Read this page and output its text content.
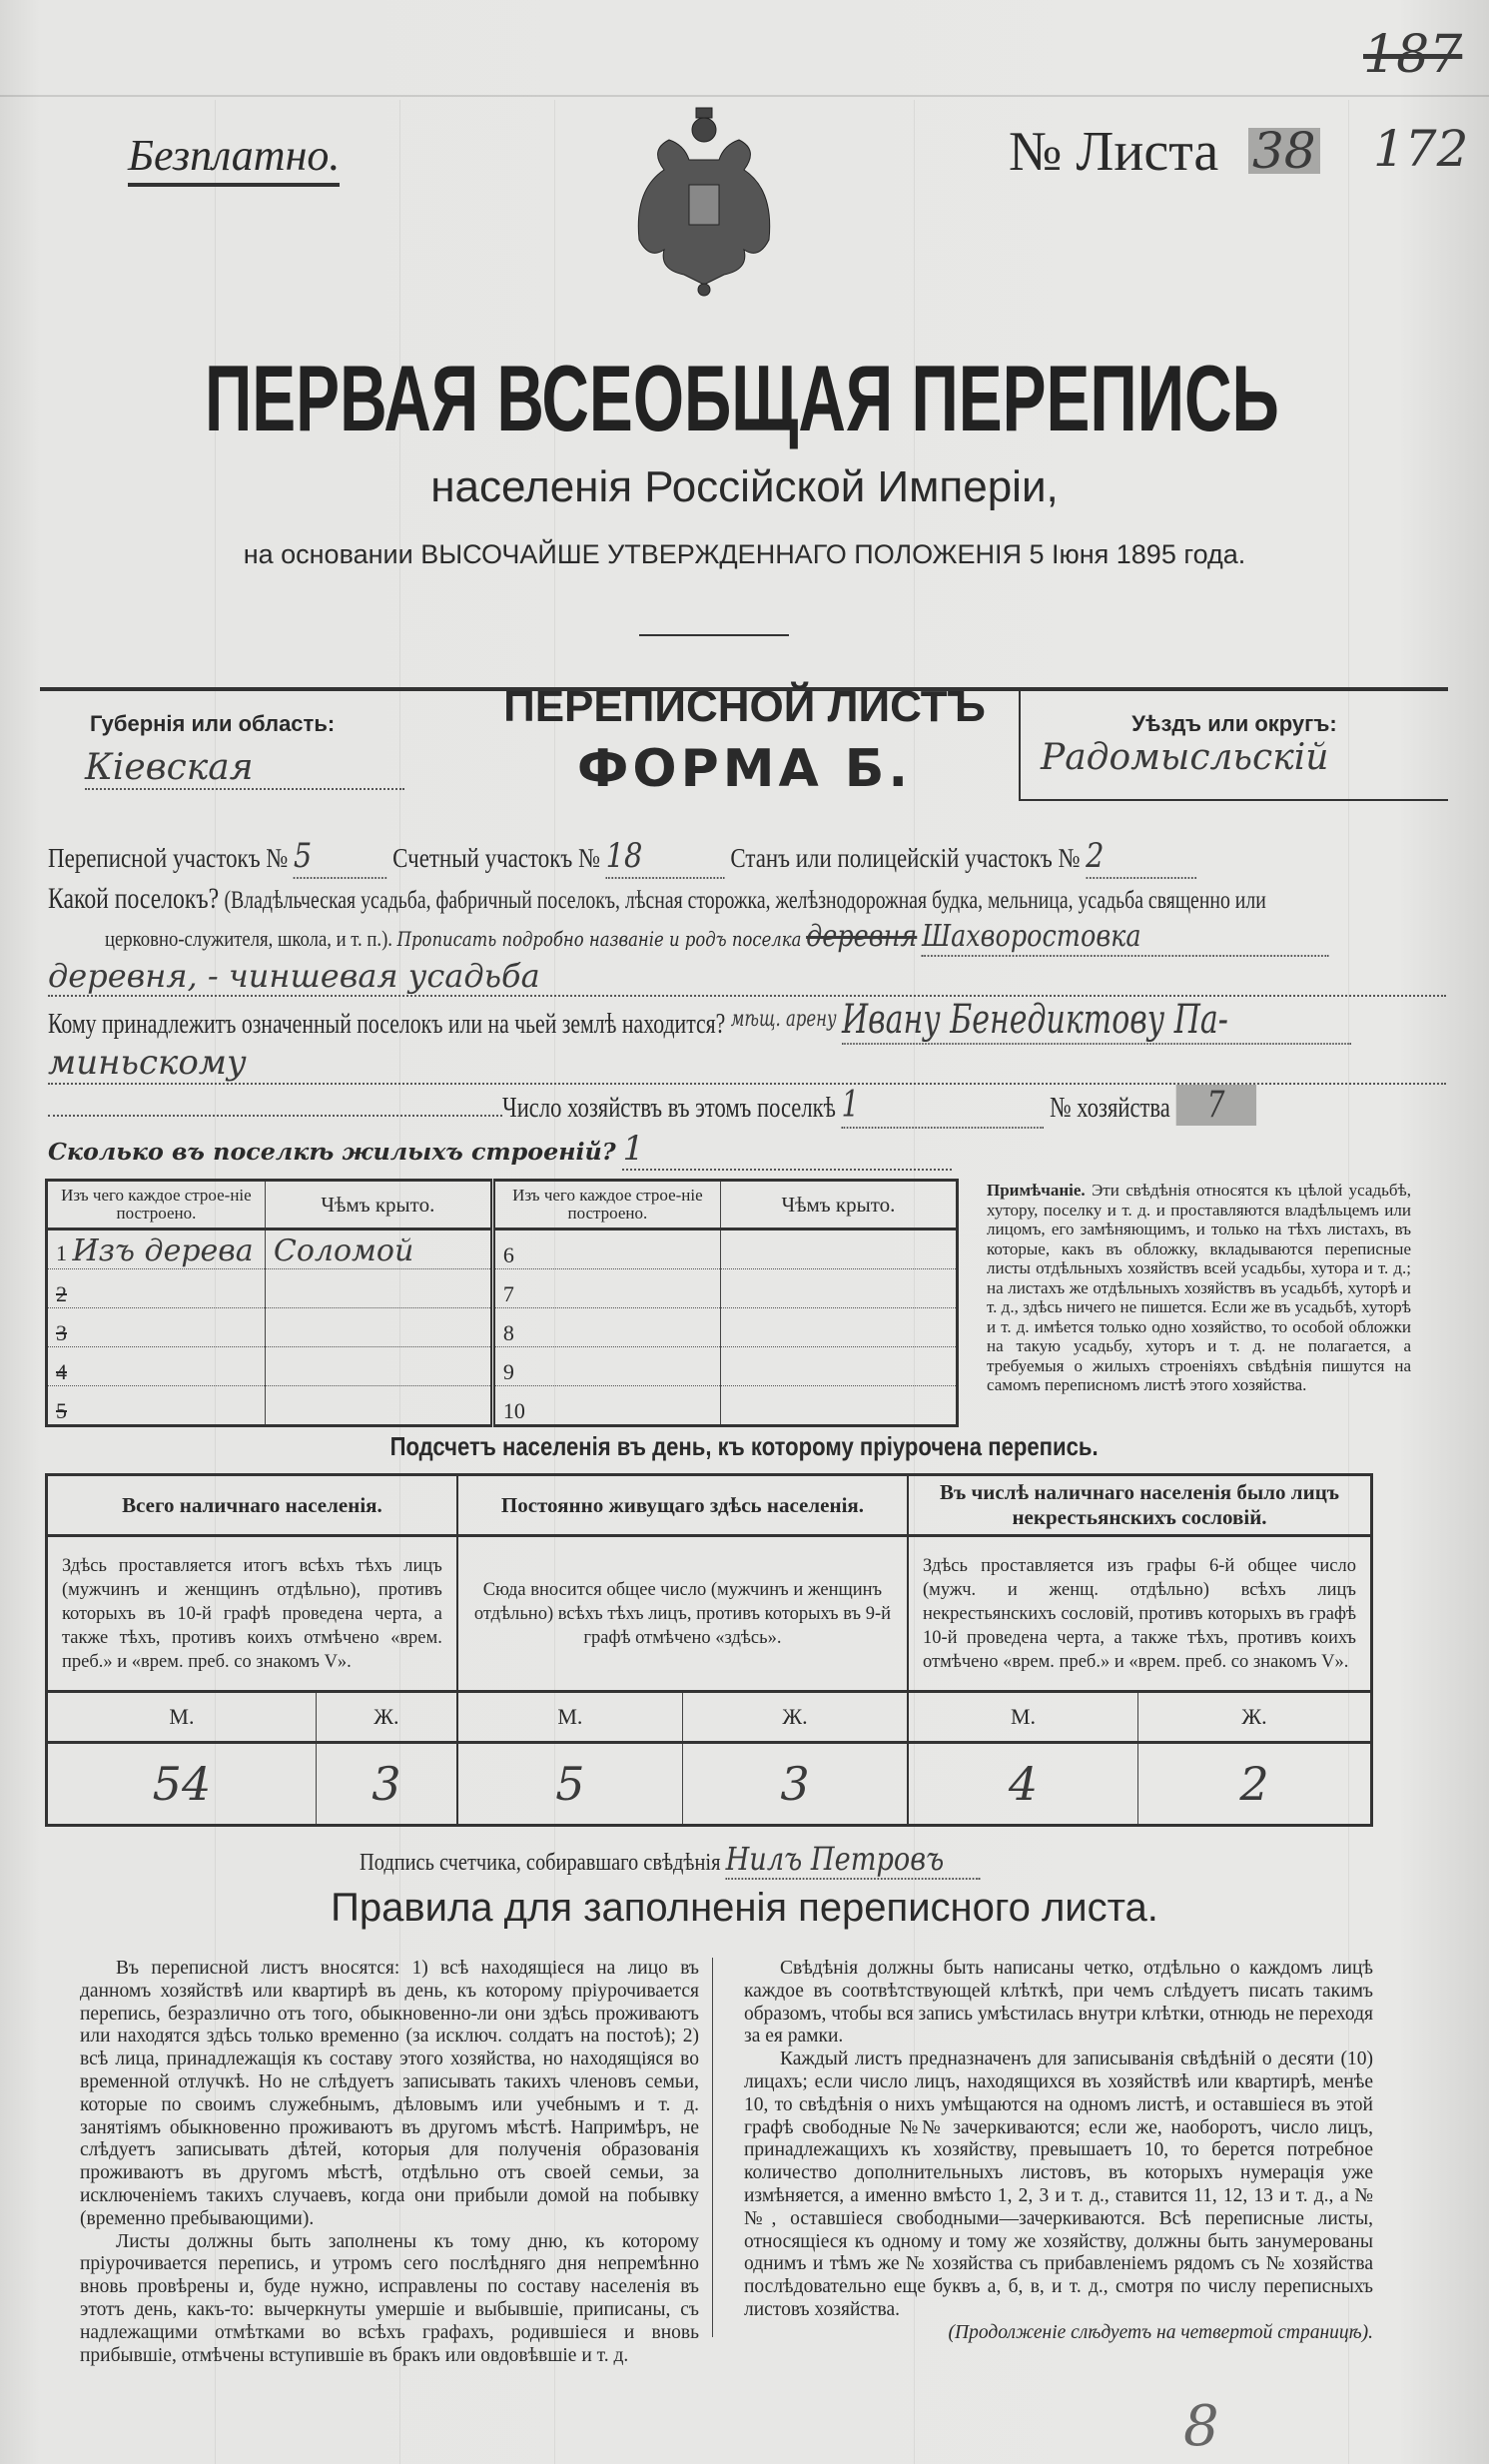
Безплатно.	№ Листа 38
187
172
ПЕРВАЯ ВСЕОБЩАЯ ПЕРЕПИСЬ
населенія Россійской Имперіи,
на основании ВЫСОЧАЙШЕ УТВЕРЖДЕННАГО ПОЛОЖЕНІЯ 5 Іюня 1895 года.
Губернія или область:
Кіевская
ПЕРЕПИСНОЙ ЛИСТЪ
ФОРМА Б.
Уѣздъ или округъ:
Радомысльскій
Переписной участокъ № 5	Счетный участокъ № 18	Станъ или полицейскій участокъ № 2
Какой поселокъ? (Владѣльческая усадьба, фабричный поселокъ, лѣсная сторожка, желѣзнодорожная будка, мельница, усадьба священно или
церковно-служителя, школа, и т. п.). Прописать подробно названіе и родъ поселка деревня Шахворостовка
деревня, - чиншевая усадьба
Кому принадлежитъ означенный поселокъ или на чьей землѣ находится? $^{мѣщ. арену}$ Ивану Бенедиктову Па-
миньскому
Число хозяйствъ въ этомъ поселкѣ 1	№ хозяйства 7
Сколько въ поселкѣ жилыхъ строеній? 1
Изъ чего каждое строе-ніе построено.	Чѣмъ крыто.	Изъ чего каждое строе-ніе построено.	Чѣмъ крыто.
1 Изъ дерева	Соломой	6	
2		7	
3		8	
4		9	
5		10	
Примѣчаніе. Эти свѣдѣнія относятся къ цѣлой усадьбѣ, хутору, поселку и т. д. и проставляются владѣльцемъ или лицомъ, его замѣняющимъ, и только на тѣхъ листахъ, въ которые, какъ въ обложку, вкладываются переписные листы отдѣльныхъ хозяйствъ всей усадьбы, хутора и т. д.; на листахъ же отдѣльныхъ хозяйствъ въ усадьбѣ, хуторѣ и т. д., здѣсь ничего не пишется. Если же въ усадьбѣ, хуторѣ и т. д. имѣется только одно хозяйство, то особой обложки на такую усадьбу, хуторъ и т. д. не полагается, а требуемыя о жилыхъ строеніяхъ свѣдѣнія пишутся на самомъ переписномъ листѣ этого хозяйства.
Подсчетъ населенія въ день, къ которому пріурочена перепись.
Всего наличнаго населенія.		Постоянно живущаго здѣсь населенія.		Въ числѣ наличнаго населенія было лицъ некрестьянскихъ сословій.	
Здѣсь проставляется итогъ всѣхъ тѣхъ лицъ (мужчинъ и женщинъ отдѣльно), противъ которыхъ въ 10-й графѣ проведена черта, а также тѣхъ, противъ коихъ отмѣчено «врем. преб.» и «врем. преб. со знакомъ V».		Сюда вносится общее число (мужчинъ и женщинъ отдѣльно) всѣхъ тѣхъ лицъ, противъ которыхъ въ 9-й графѣ отмѣчено «здѣсь».		Здѣсь проставляется изъ графы 6-й общее число (мужч. и женщ. отдѣльно) всѣхъ лицъ некрестьянскихъ сословій, противъ которыхъ въ графѣ 10-й проведена черта, а также тѣхъ, противъ коихъ отмѣчено «врем. преб.» и «врем. преб. со знакомъ V».	
М.	Ж.	М.	Ж.	М.	Ж.
54	3	5	3	4	2
Подпись счетчика, собиравшаго свѣдѣнія Нилъ Петровъ
Правила для заполненія переписного листа.

Въ переписной листъ вносятся: 1) всѣ находящіеся на лицо въ данномъ хозяйствѣ или квартирѣ въ день, къ которому пріурочивается перепись, безразлично отъ того, обыкновенно-ли они здѣсь проживаютъ или находятся здѣсь только временно (за исключ. солдатъ на постоѣ); 2) всѣ лица, принадлежащія къ составу этого хозяйства, но находящіяся во временной отлучкѣ. Но не слѣдуетъ записывать такихъ членовъ семьи, которые по своимъ служебнымъ, дѣловымъ или учебнымъ и т. д. занятіямъ обыкновенно проживаютъ въ другомъ мѣстѣ. Напримѣръ, не слѣдуетъ записывать дѣтей, которыя для полученія образованія проживаютъ въ другомъ мѣстѣ, отдѣльно отъ своей семьи, за исключеніемъ такихъ случаевъ, когда они прибыли домой на побывку (временно пребывающими).

Листы должны быть заполнены къ тому дню, къ которому пріурочивается перепись, и утромъ сего послѣдняго дня непремѣнно вновь провѣрены и, буде нужно, исправлены по составу населенія въ этотъ день, какъ-то: вычеркнуты умершіе и выбывшіе, приписаны, съ надлежащими отмѣтками во всѣхъ графахъ, родившіеся и вновь прибывшіе, отмѣчены вступившіе въ бракъ или овдовѣвшіе и т. д.

Свѣдѣнія должны быть написаны четко, отдѣльно о каждомъ лицѣ каждое въ соотвѣтствующей клѣткѣ, при чемъ слѣдуетъ писать такимъ образомъ, чтобы вся запись умѣстилась внутри клѣтки, отнюдь не переходя за ея рамки.

Каждый листъ предназначенъ для записыванія свѣдѣній о десяти (10) лицахъ; если число лицъ, находящихся въ хозяйствѣ или квартирѣ, менѣе 10, то свѣдѣнія о нихъ умѣщаются на одномъ листѣ, и оставшіеся въ этой графѣ свободные №№ зачеркиваются; если же, наоборотъ, число лицъ, принадлежащихъ къ хозяйству, превышаетъ 10, то берется потребное количество дополнительныхъ листовъ, въ которыхъ нумерація уже измѣняется, а именно вмѣсто 1, 2, 3 и т. д., ставится 11, 12, 13 и т. д., а №№, оставшіеся свободными—зачеркиваются. Всѣ переписные листы, относящіеся къ одному и тому же хозяйству, должны быть занумерованы однимъ и тѣмъ же № хозяйства съ прибавленіемъ рядомъ съ № хозяйства послѣдовательно еще буквъ а, б, в, и т. д., смотря по числу переписныхъ листовъ хозяйства.

(Продолженіе слѣдуетъ на четвертой страницѣ).

8
